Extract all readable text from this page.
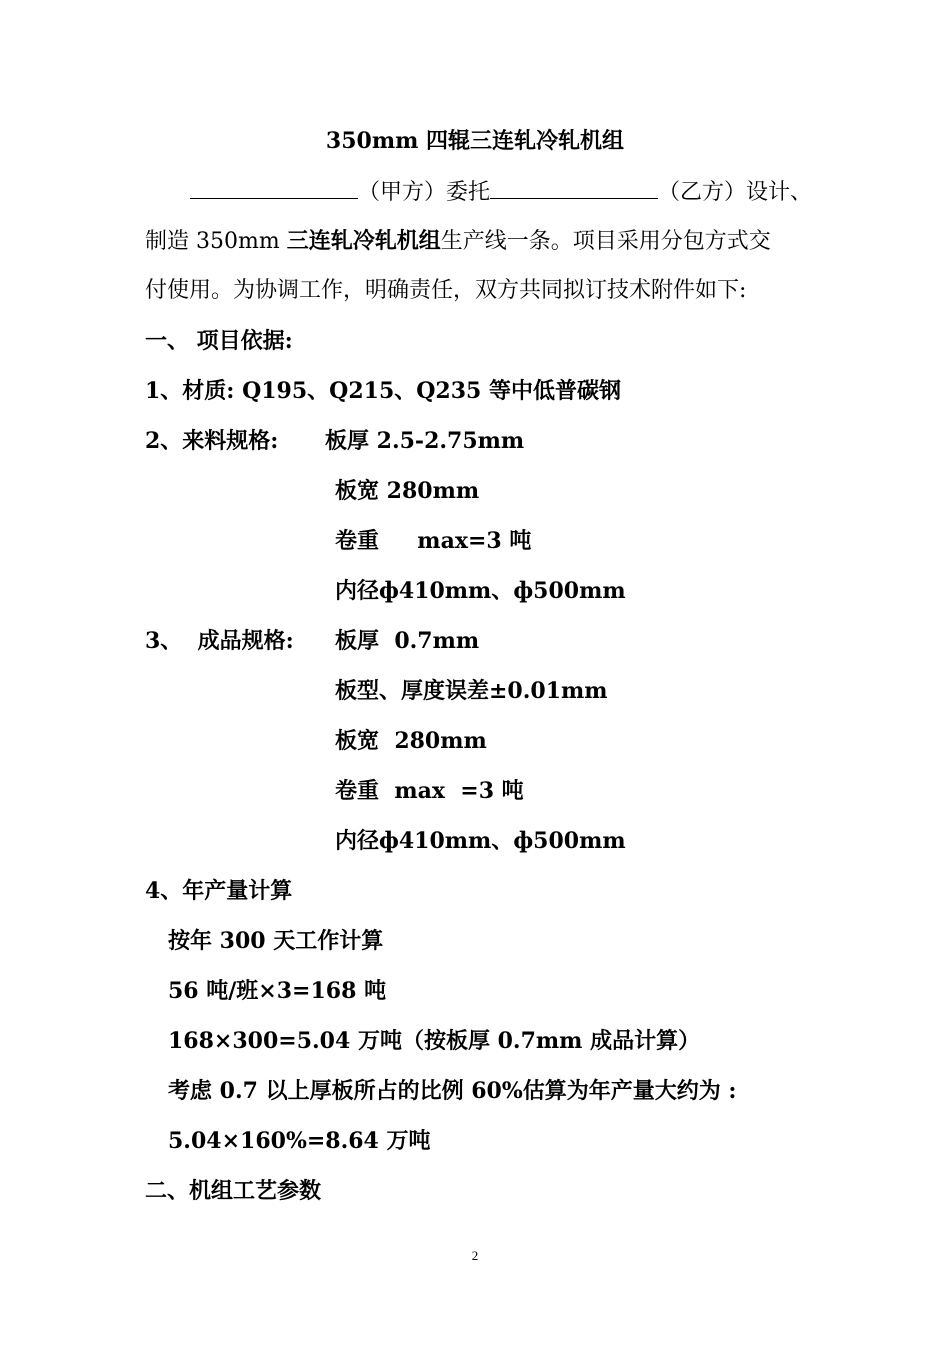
350mm 四辊三连轧冷轧机组
（甲方）委托	（乙方）设计、
制造 350mm 三连轧冷轧机组生产线一条。项目采用分包方式交
付使用。为协调工作，明确责任，双方共同拟订技术附件如下:
一、 项目依据:
1、材质: Q195、Q215、Q235 等中低普碳钢
2、来料规格: 板厚 2.5-2.75mm
板宽 280mm
卷重     max=3 吨
内径ф410mm、ф500mm
3、  成品规格: 板厚  0.7mm
板型、厚度误差±0.01mm
板宽  280mm
卷重  max  =3 吨
内径ф410mm、ф500mm
4、年产量计算
按年 300 天工作计算
56 吨/班×3=168 吨
168×300=5.04 万吨（按板厚 0.7mm 成品计算）
考虑 0.7 以上厚板所占的比例 60%估算为年产量大约为 :
5.04×160%=8.64 万吨
二、机组工艺参数
2
